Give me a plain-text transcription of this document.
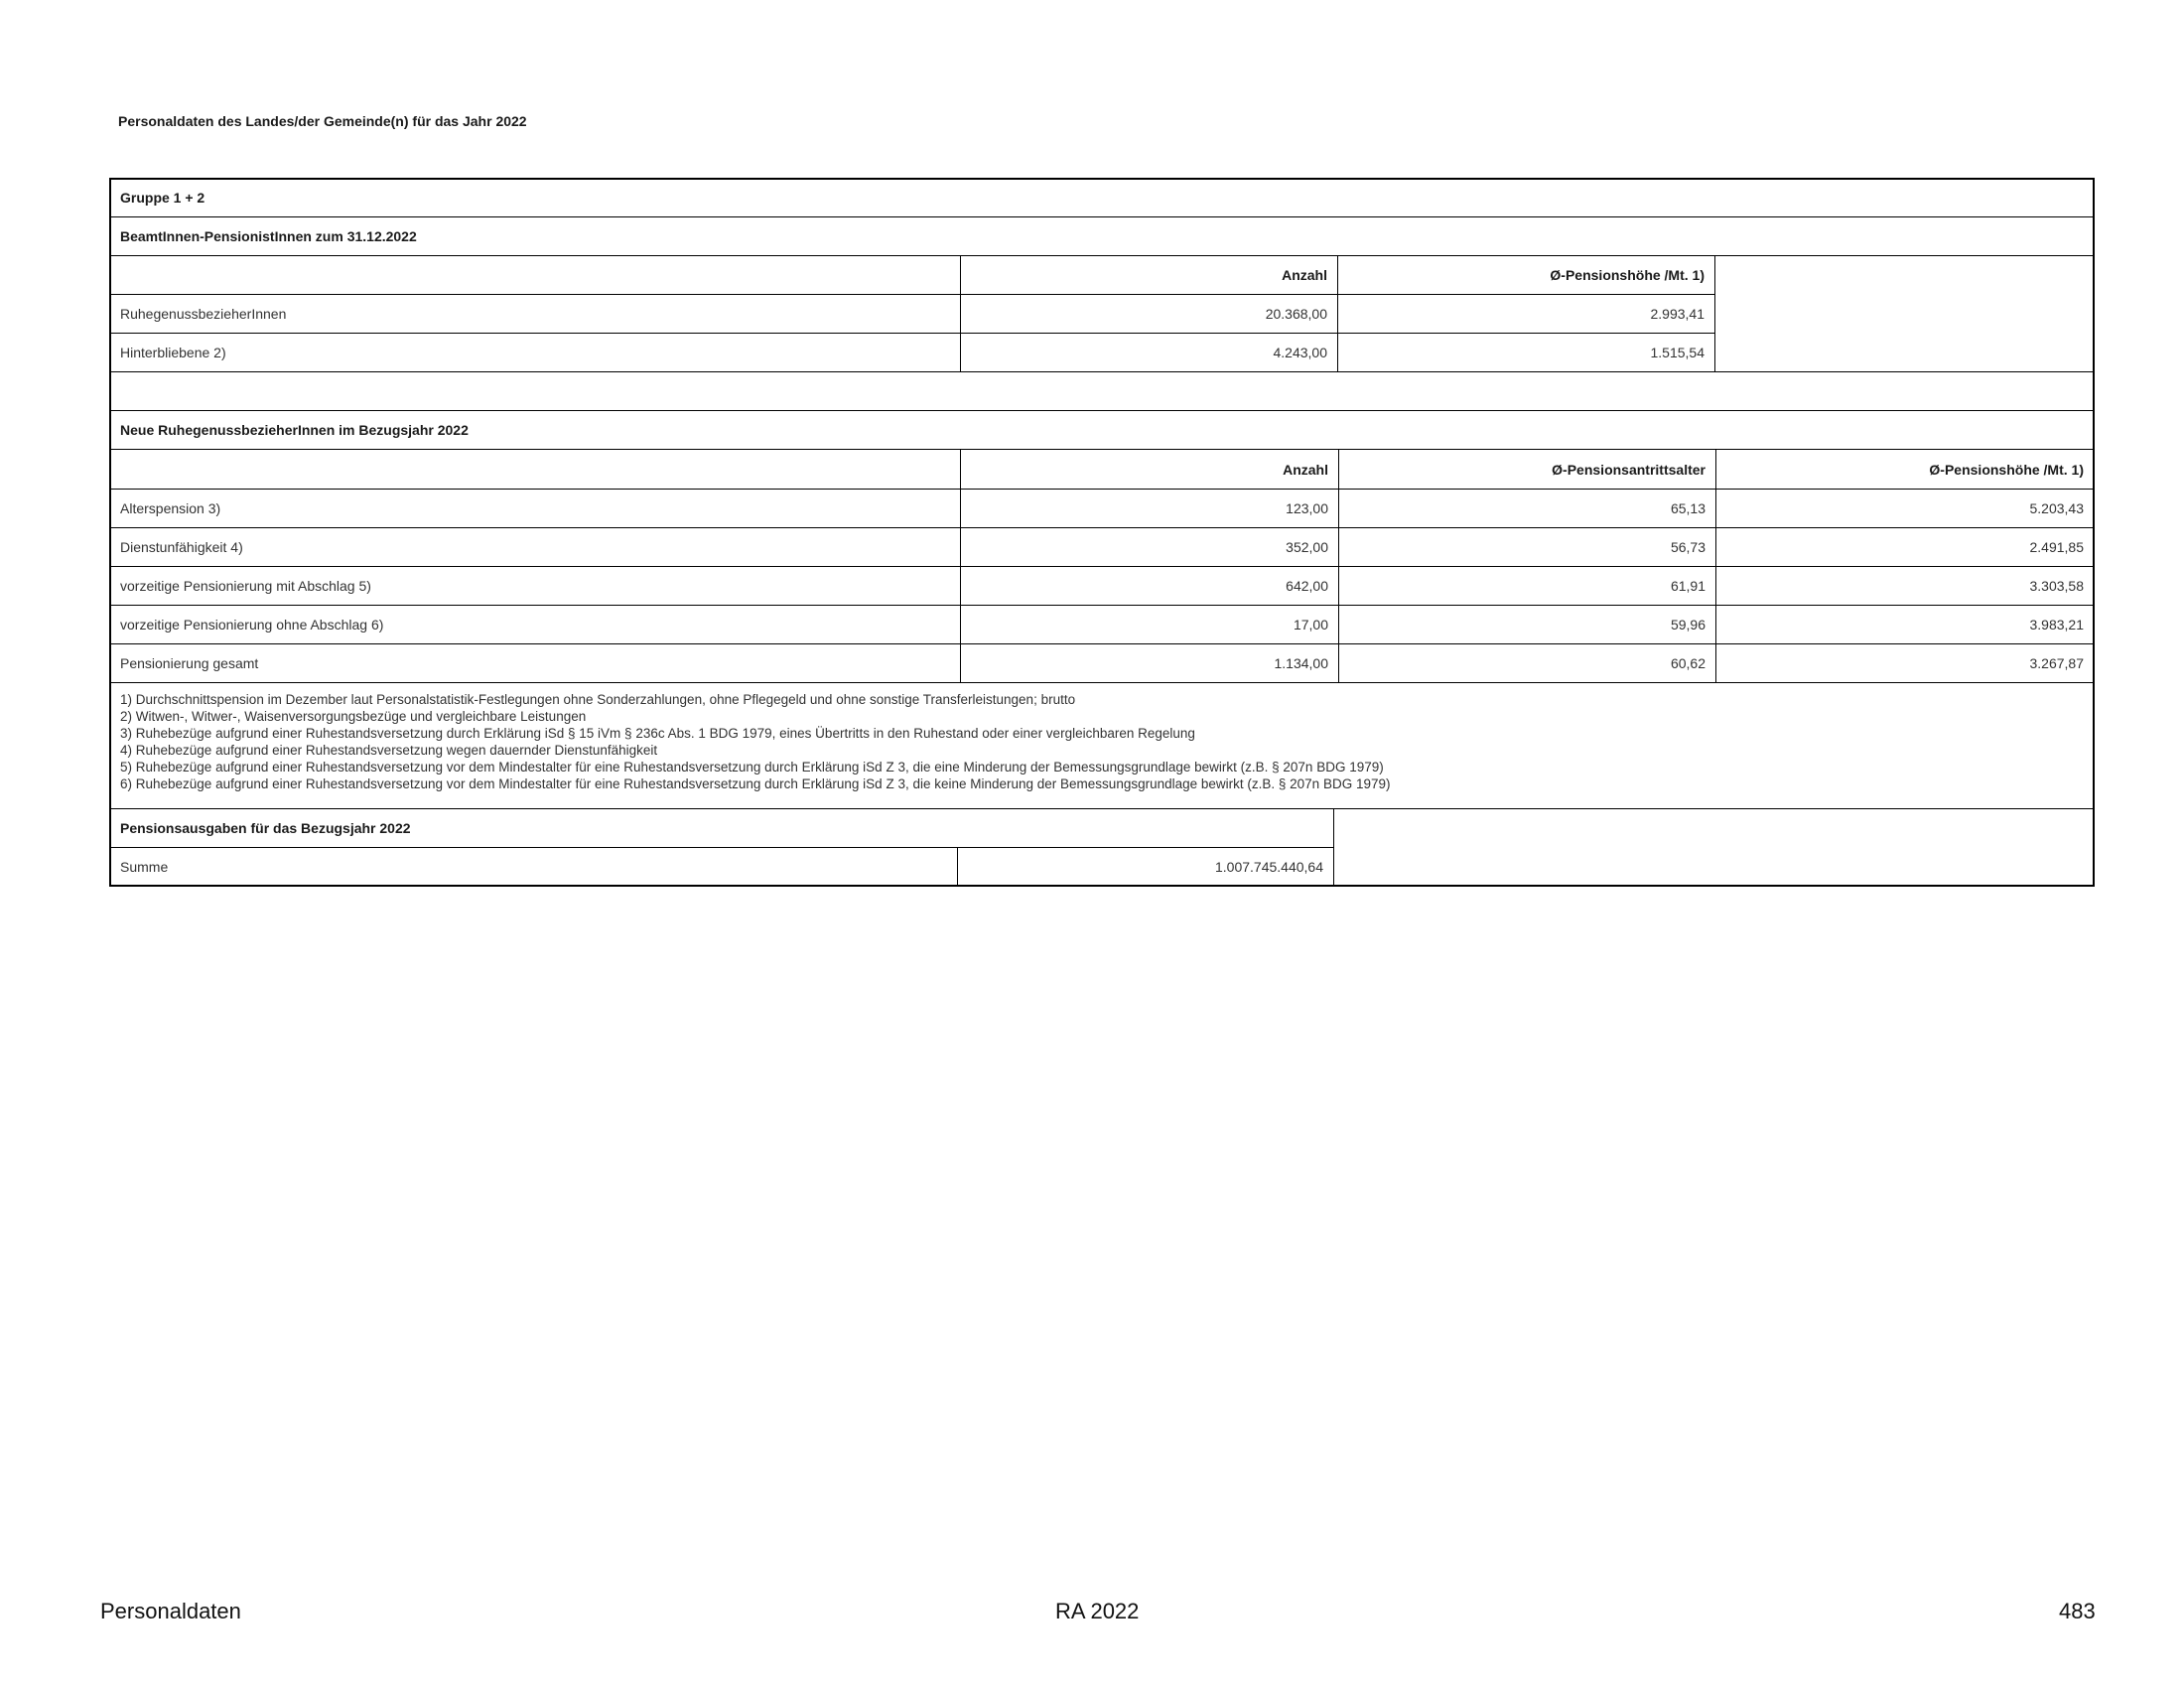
Personaldaten des Landes/der Gemeinde(n) für das Jahr 2022
Gruppe 1 + 2
BeamtInnen-PensionistInnen zum 31.12.2022
Anzahl	Ø-Pensionshöhe /Mt. 1)
RuhegenussbezieherInnen	20.368,00	2.993,41
Hinterbliebene 2)	4.243,00	1.515,54
Neue RuhegenussbezieherInnen im Bezugsjahr 2022
Anzahl	Ø-Pensionsantrittsalter	Ø-Pensionshöhe /Mt. 1)
Alterspension 3)	123,00	65,13	5.203,43
Dienstunfähigkeit 4)	352,00	56,73	2.491,85
vorzeitige Pensionierung mit Abschlag 5)	642,00	61,91	3.303,58
vorzeitige Pensionierung ohne Abschlag 6)	17,00	59,96	3.983,21
Pensionierung gesamt	1.134,00	60,62	3.267,87
1) Durchschnittspension im Dezember laut Personalstatistik-Festlegungen ohne Sonderzahlungen, ohne Pflegegeld und ohne sonstige Transferleistungen; brutto
2) Witwen-, Witwer-, Waisenversorgungsbezüge und vergleichbare Leistungen
3) Ruhebezüge aufgrund einer Ruhestandsversetzung durch Erklärung iSd § 15 iVm § 236c Abs. 1 BDG 1979, eines Übertritts in den Ruhestand oder einer vergleichbaren Regelung
4) Ruhebezüge aufgrund einer Ruhestandsversetzung wegen dauernder Dienstunfähigkeit
5) Ruhebezüge aufgrund einer Ruhestandsversetzung vor dem Mindestalter für eine Ruhestandsversetzung durch Erklärung iSd Z 3, die eine Minderung der Bemessungsgrundlage bewirkt (z.B. § 207n BDG 1979)
6) Ruhebezüge aufgrund einer Ruhestandsversetzung vor dem Mindestalter für eine Ruhestandsversetzung durch Erklärung iSd Z 3, die keine Minderung der Bemessungsgrundlage bewirkt (z.B. § 207n BDG 1979)
Pensionsausgaben für das Bezugsjahr 2022
Summe	1.007.745.440,64
Personaldaten	RA 2022	483
